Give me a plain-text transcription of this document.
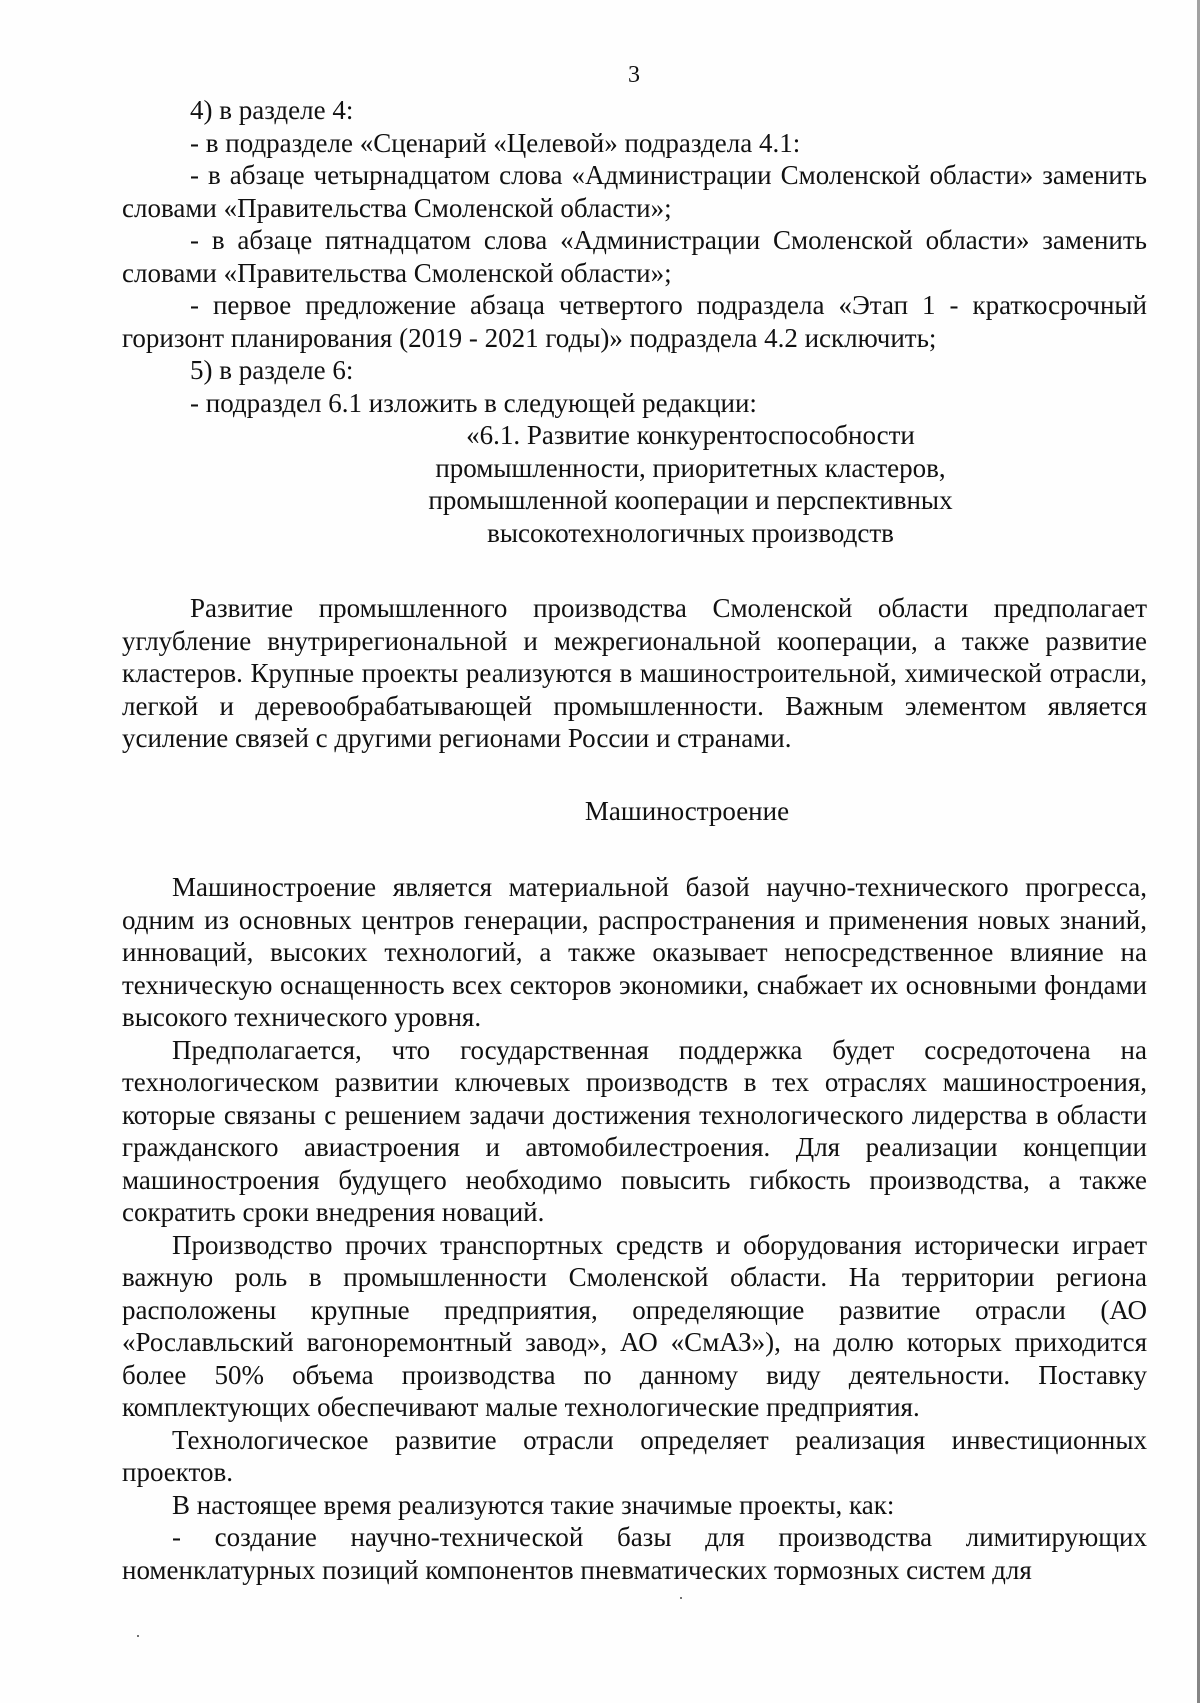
3

4) в разделе 4:

- в подразделе «Сценарий «Целевой» подраздела 4.1:

- в абзаце четырнадцатом слова «Администрации Смоленской области» заменить словами «Правительства Смоленской области»;

- в абзаце пятнадцатом слова «Администрации Смоленской области» заменить словами «Правительства Смоленской области»;

- первое предложение абзаца четвертого подраздела «Этап 1 - краткосрочный горизонт планирования (2019 - 2021 годы)» подраздела 4.2 исключить;

5) в разделе 6:

- подраздел 6.1 изложить в следующей редакции:

«6.1. Развитие конкурентоспособности

промышленности, приоритетных кластеров,

промышленной кооперации и перспективных

высокотехнологичных производств

Развитие промышленного производства Смоленской области предполагает углубление внутрирегиональной и межрегиональной кооперации, а также развитие кластеров. Крупные проекты реализуются в машиностроительной, химической отрасли, легкой и деревообрабатывающей промышленности. Важным элементом является усиление связей с другими регионами России и странами.

Машиностроение

Машиностроение является материальной базой научно-технического прогресса, одним из основных центров генерации, распространения и применения новых знаний, инноваций, высоких технологий, а также оказывает непосредственное влияние на техническую оснащенность всех секторов экономики, снабжает их основными фондами высокого технического уровня.

Предполагается, что государственная поддержка будет сосредоточена на технологическом развитии ключевых производств в тех отраслях машиностроения, которые связаны с решением задачи достижения технологического лидерства в области гражданского авиастроения и автомобилестроения. Для реализации концепции машиностроения будущего необходимо повысить гибкость производства, а также сократить сроки внедрения новаций.

Производство прочих транспортных средств и оборудования исторически играет важную роль в промышленности Смоленской области. На территории региона расположены крупные предприятия, определяющие развитие отрасли (АО «Рославльский вагоноремонтный завод», АО «СмАЗ»), на долю которых приходится более 50% объема производства по данному виду деятельности. Поставку комплектующих обеспечивают малые технологические предприятия.

Технологическое развитие отрасли определяет реализация инвестиционных проектов.

В настоящее время реализуются такие значимые проекты, как:

- создание научно-технической базы для производства лимитирующих номенклатурных позиций компонентов пневматических тормозных систем для
